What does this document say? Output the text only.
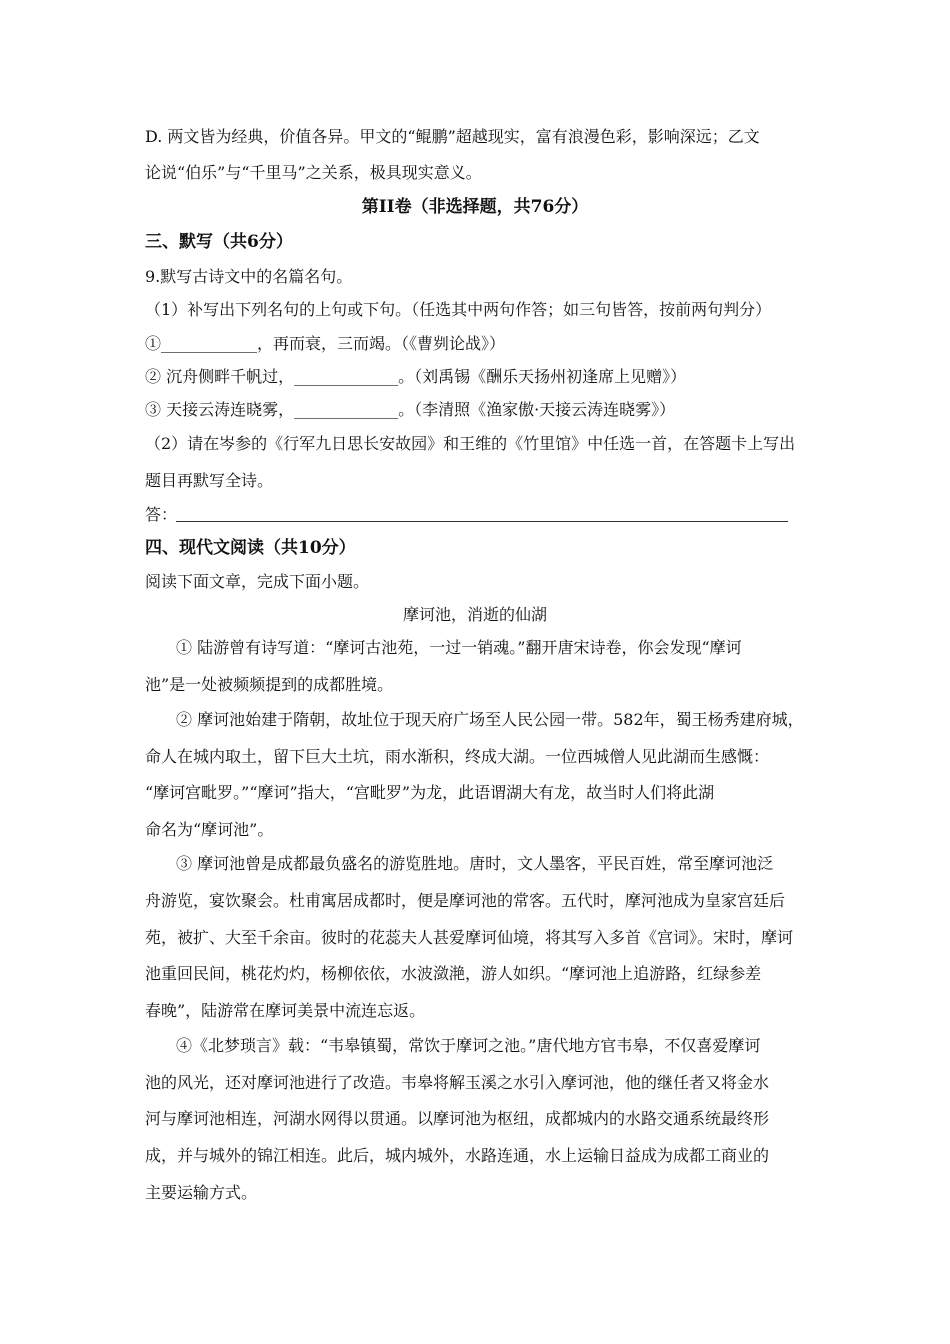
D. 两文皆为经典，价值各异。甲文的“鲲鹏”超越现实，富有浪漫色彩，影响深远；乙文
论说“伯乐”与“千里马”之关系，极具现实意义。
第II卷（非选择题，共76分）
三、默写（共6分）
9.默写古诗文中的名篇名句。
（1）补写出下列名句的上句或下句。（任选其中两句作答；如三句皆答，按前两句判分）
①____________，再而衰，三而竭。（《曹刿论战》）
② 沉舟侧畔千帆过，_____________。（刘禹锡《酬乐天扬州初逢席上见赠》）
③ 天接云涛连晓雾，_____________。（李清照《渔家傲·天接云涛连晓雾》）
（2）请在岑参的《行军九日思长安故园》和王维的《竹里馆》中任选一首，在答题卡上写出
题目再默写全诗。
答：
四、现代文阅读（共10分）
阅读下面文章，完成下面小题。
摩诃池，消逝的仙湖
① 陆游曾有诗写道：“摩诃古池苑，一过一销魂。”翻开唐宋诗卷，你会发现“摩诃
池”是一处被频频提到的成都胜境。
② 摩诃池始建于隋朝，故址位于现天府广场至人民公园一带。582年，蜀王杨秀建府城，
命人在城内取土，留下巨大土坑，雨水渐积，终成大湖。一位西城僧人见此湖而生感慨：
“摩诃宫毗罗。”“摩诃”指大，“宫毗罗”为龙，此语谓湖大有龙，故当时人们将此湖
命名为“摩诃池”。
③ 摩诃池曾是成都最负盛名的游览胜地。唐时，文人墨客，平民百姓，常至摩诃池泛
舟游览，宴饮聚会。杜甫寓居成都时，便是摩诃池的常客。五代时，摩河池成为皇家宫廷后
苑，被扩、大至千余亩。彼时的花蕊夫人甚爱摩诃仙境，将其写入多首《宫词》。宋时，摩诃
池重回民间，桃花灼灼，杨柳依依，水波潋滟，游人如织。“摩诃池上追游路，红绿参差
春晚”，陆游常在摩诃美景中流连忘返。
④《北梦琐言》载：“韦皋镇蜀，常饮于摩诃之池。”唐代地方官韦皋，不仅喜爱摩诃
池的风光，还对摩诃池进行了改造。韦皋将解玉溪之水引入摩诃池，他的继任者又将金水
河与摩诃池相连，河湖水网得以贯通。以摩诃池为枢纽，成都城内的水路交通系统最终形
成，并与城外的锦江相连。此后，城内城外，水路连通，水上运输日益成为成都工商业的
主要运输方式。
